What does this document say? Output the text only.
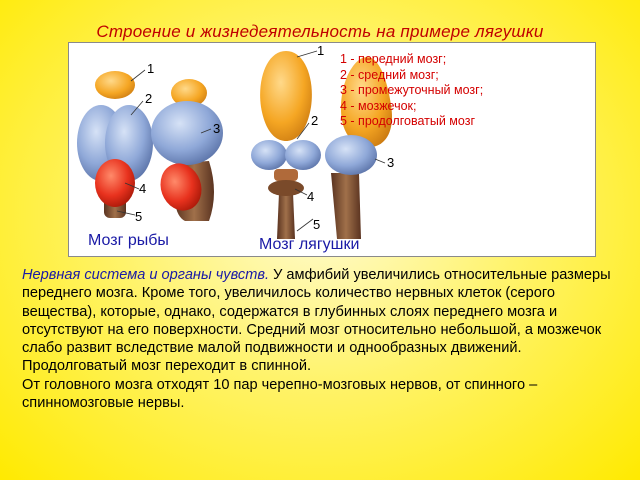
Строение и жизнедеятельность на примере лягушки
1
2
3
4
5
1
2
3
4
5
1 - передний мозг;
2 - средний мозг;
3 - промежуточный мозг;
4 - мозжечок;
5 - продолговатый мозг
Мозг рыбы	Мозг лягушки

Нервная система и органы чувств. У амфибий увеличились относительные размеры переднего мозга. Кроме того, увеличилось количество нервных клеток (серого вещества), которые, однако, содержатся в глубинных слоях переднего мозга и отсутствуют на его поверхности. Средний мозг относительно небольшой, а мозжечок слабо развит вследствие малой подвижности и однообразных движений. Продолговатый мозг переходит в спинной.

От головного мозга отходят 10 пар черепно-мозговых нервов, от спинного – спинномозговые нервы.
